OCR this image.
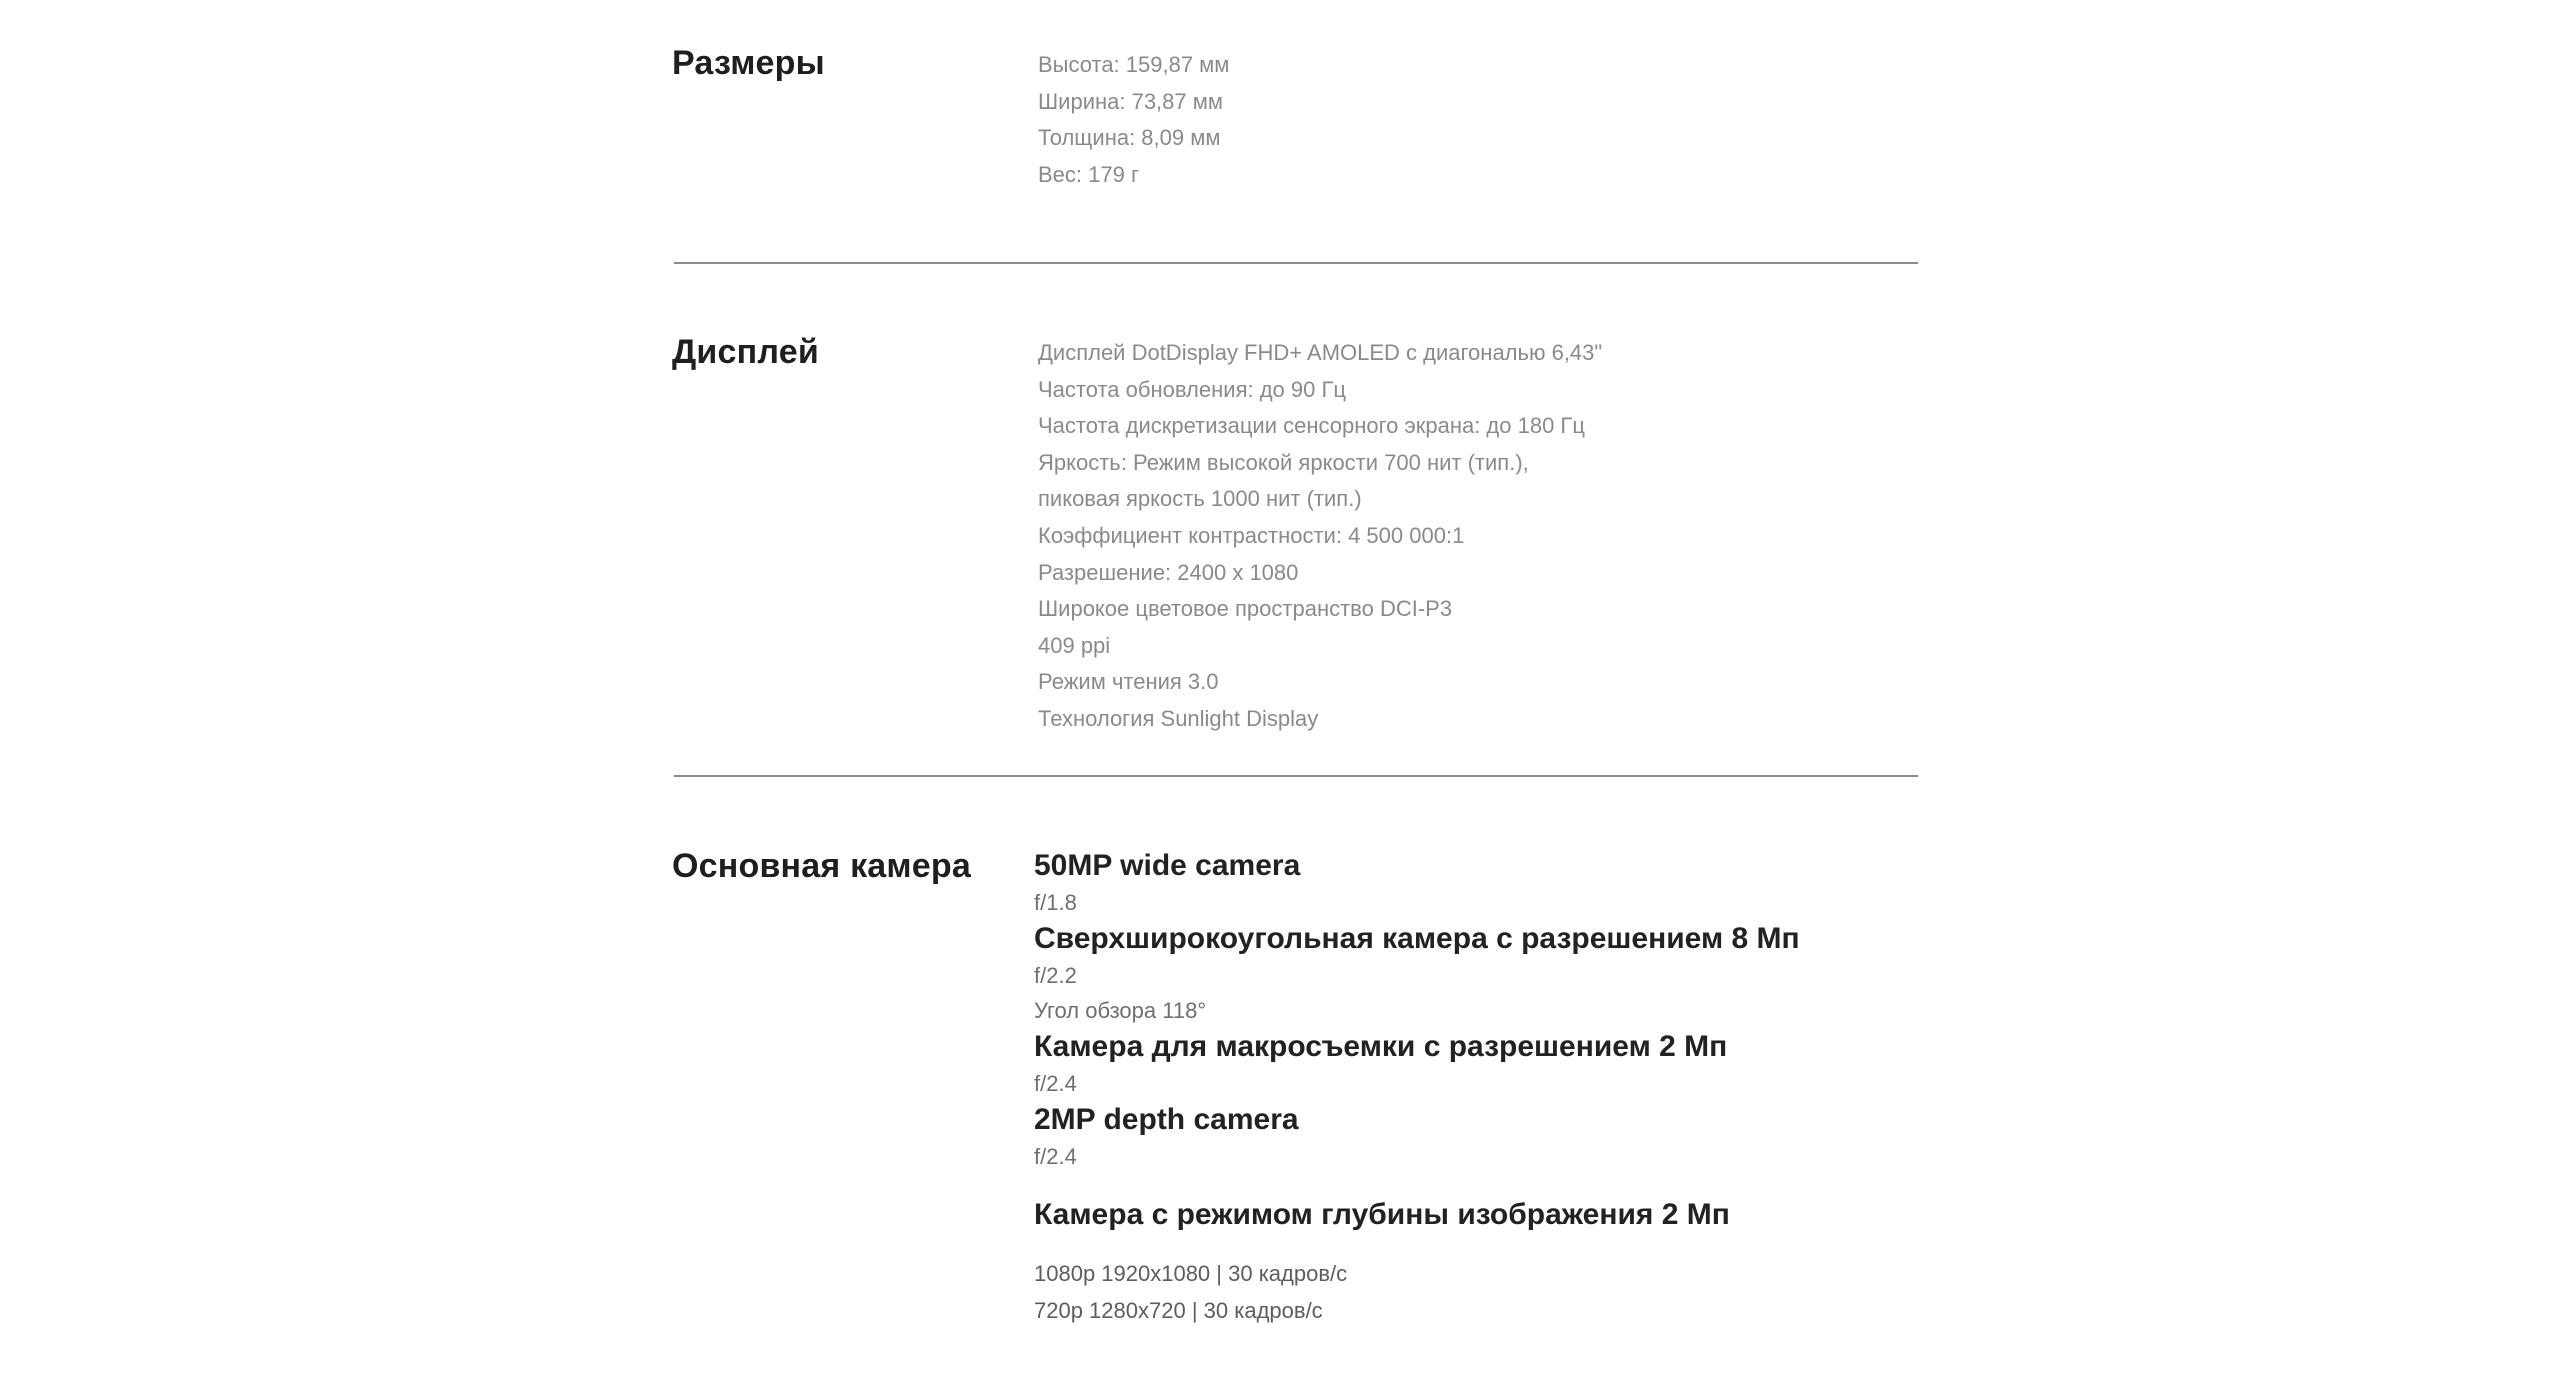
Размеры	Высота: 159,87 мм
Ширина: 73,87 мм
Толщина: 8,09 мм
Вес: 179 г
Дисплей	Дисплей DotDisplay FHD+ AMOLED с диагональю 6,43"
Частота обновления: до 90 Гц
Частота дискретизации сенсорного экрана: до 180 Гц
Яркость: Режим высокой яркости 700 нит (тип.),
пиковая яркость 1000 нит (тип.)
Коэффициент контрастности: 4 500 000:1
Разрешение: 2400 x 1080
Широкое цветовое пространство DCI-P3
409 ppi
Режим чтения 3.0
Технология Sunlight Display
Основная камера 50MP wide camera
f/1.8
Сверхширокоугольная камера с разрешением 8 Мп
f/2.2
Угол обзора 118°
Камера для макросъемки с разрешением 2 Мп
f/2.4
2MP depth camera
f/2.4
Камера с режимом глубины изображения 2 Мп
1080p 1920x1080 | 30 кадров/с
720p 1280x720 | 30 кадров/с
